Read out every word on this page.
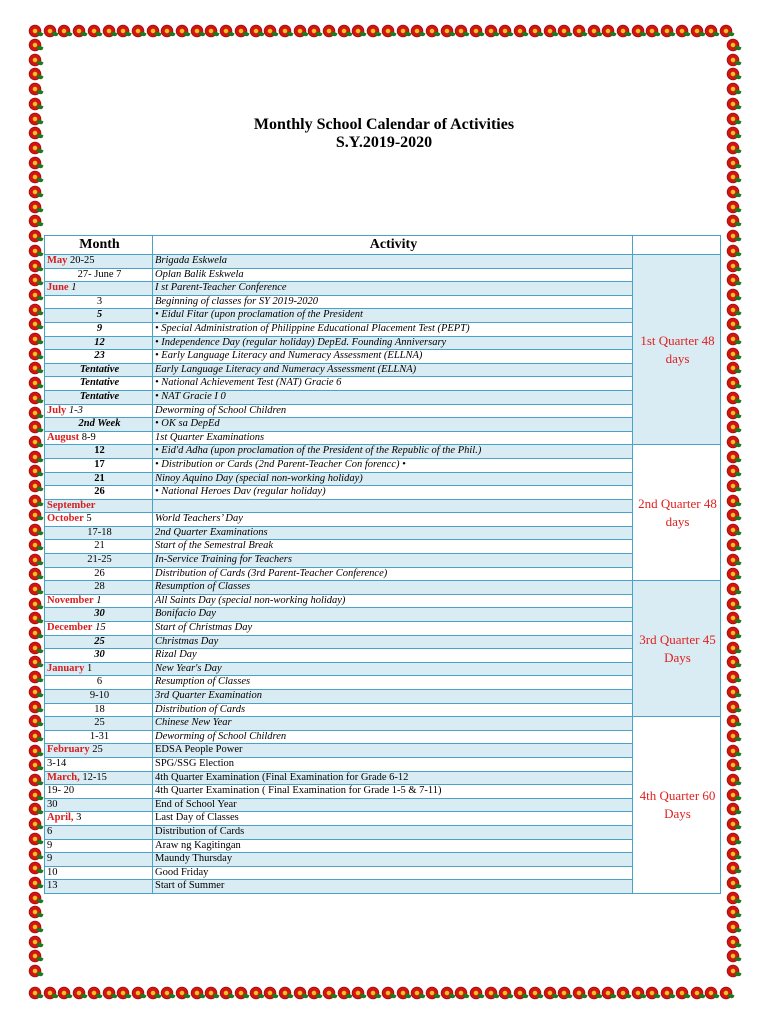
Monthly School Calendar of Activities
S.Y.2019-2020
Month	Activity	
May 20-25	Brigada Eskwela	1st Quarter 48 days
27- June 7	Oplan Balik Eskwela	
June 1	I st Parent-Teacher Conference	
3	Beginning of classes for SY 2019-2020	
5	• Eidul Fitar (upon proclamation of the President	
9	• Special Administration of Philippine Educational Placement Test (PEPT)	
12	• Independence Day (regular holiday) DepEd. Founding Anniversary	
23	• Early Language Literacy and Numeracy Assessment (ELLNA)	
Tentative	Early Language Literacy and Numeracy Assessment (ELLNA)	
Tentative	• National Achievement Test (NAT) Gracie 6	
Tentative	• NAT Gracie I 0	
July 1-3	Deworming of School Children	
2nd Week	• OK sa DepEd	
August 8-9	1st Quarter Examinations	
12	• Eid'd Adha (upon proclamation of the President of the Republic of the Phil.)	2nd Quarter 48 days
17	• Distribution or Cards (2nd Parent-Teacher Con forencc) •	
21	Ninoy Aquino Day (special non-working holiday)	
26	• National Heroes Dav (regular holiday)	
September		
October 5	World Teachers’ Day	
17-18	2nd Quarter Examinations	
21	Start of the Semestral Break	
21-25	In-Service Training for Teachers	
26	Distribution of Cards (3rd Parent-Teacher Conference)	
28	Resumption of Classes	3rd Quarter 45 Days
November 1	All Saints Day (special non-working holiday)	
30	Bonifacio Day	
December 15	Start of Christmas Day	
25	Christmas Day	
30	Rizal Day	
January 1	New Year's Day	
6	Resumption of Classes	
9-10	3rd Quarter Examination	
18	Distribution of Cards	
25	Chinese New Year	4th Quarter 60 Days
1-31	Deworming of School Children	
February 25	EDSA People Power	
3-14	SPG/SSG Election	
March, 12-15	4th Quarter Examination (Final Examination for Grade 6-12	
19- 20	4th Quarter Examination ( Final Examination for Grade 1-5 & 7-11)	
30	End of School Year	
April, 3	Last Day of Classes	
6	Distribution of Cards	
9	Araw ng Kagitingan	
9	Maundy Thursday	
10	Good Friday	
13	Start of Summer	
